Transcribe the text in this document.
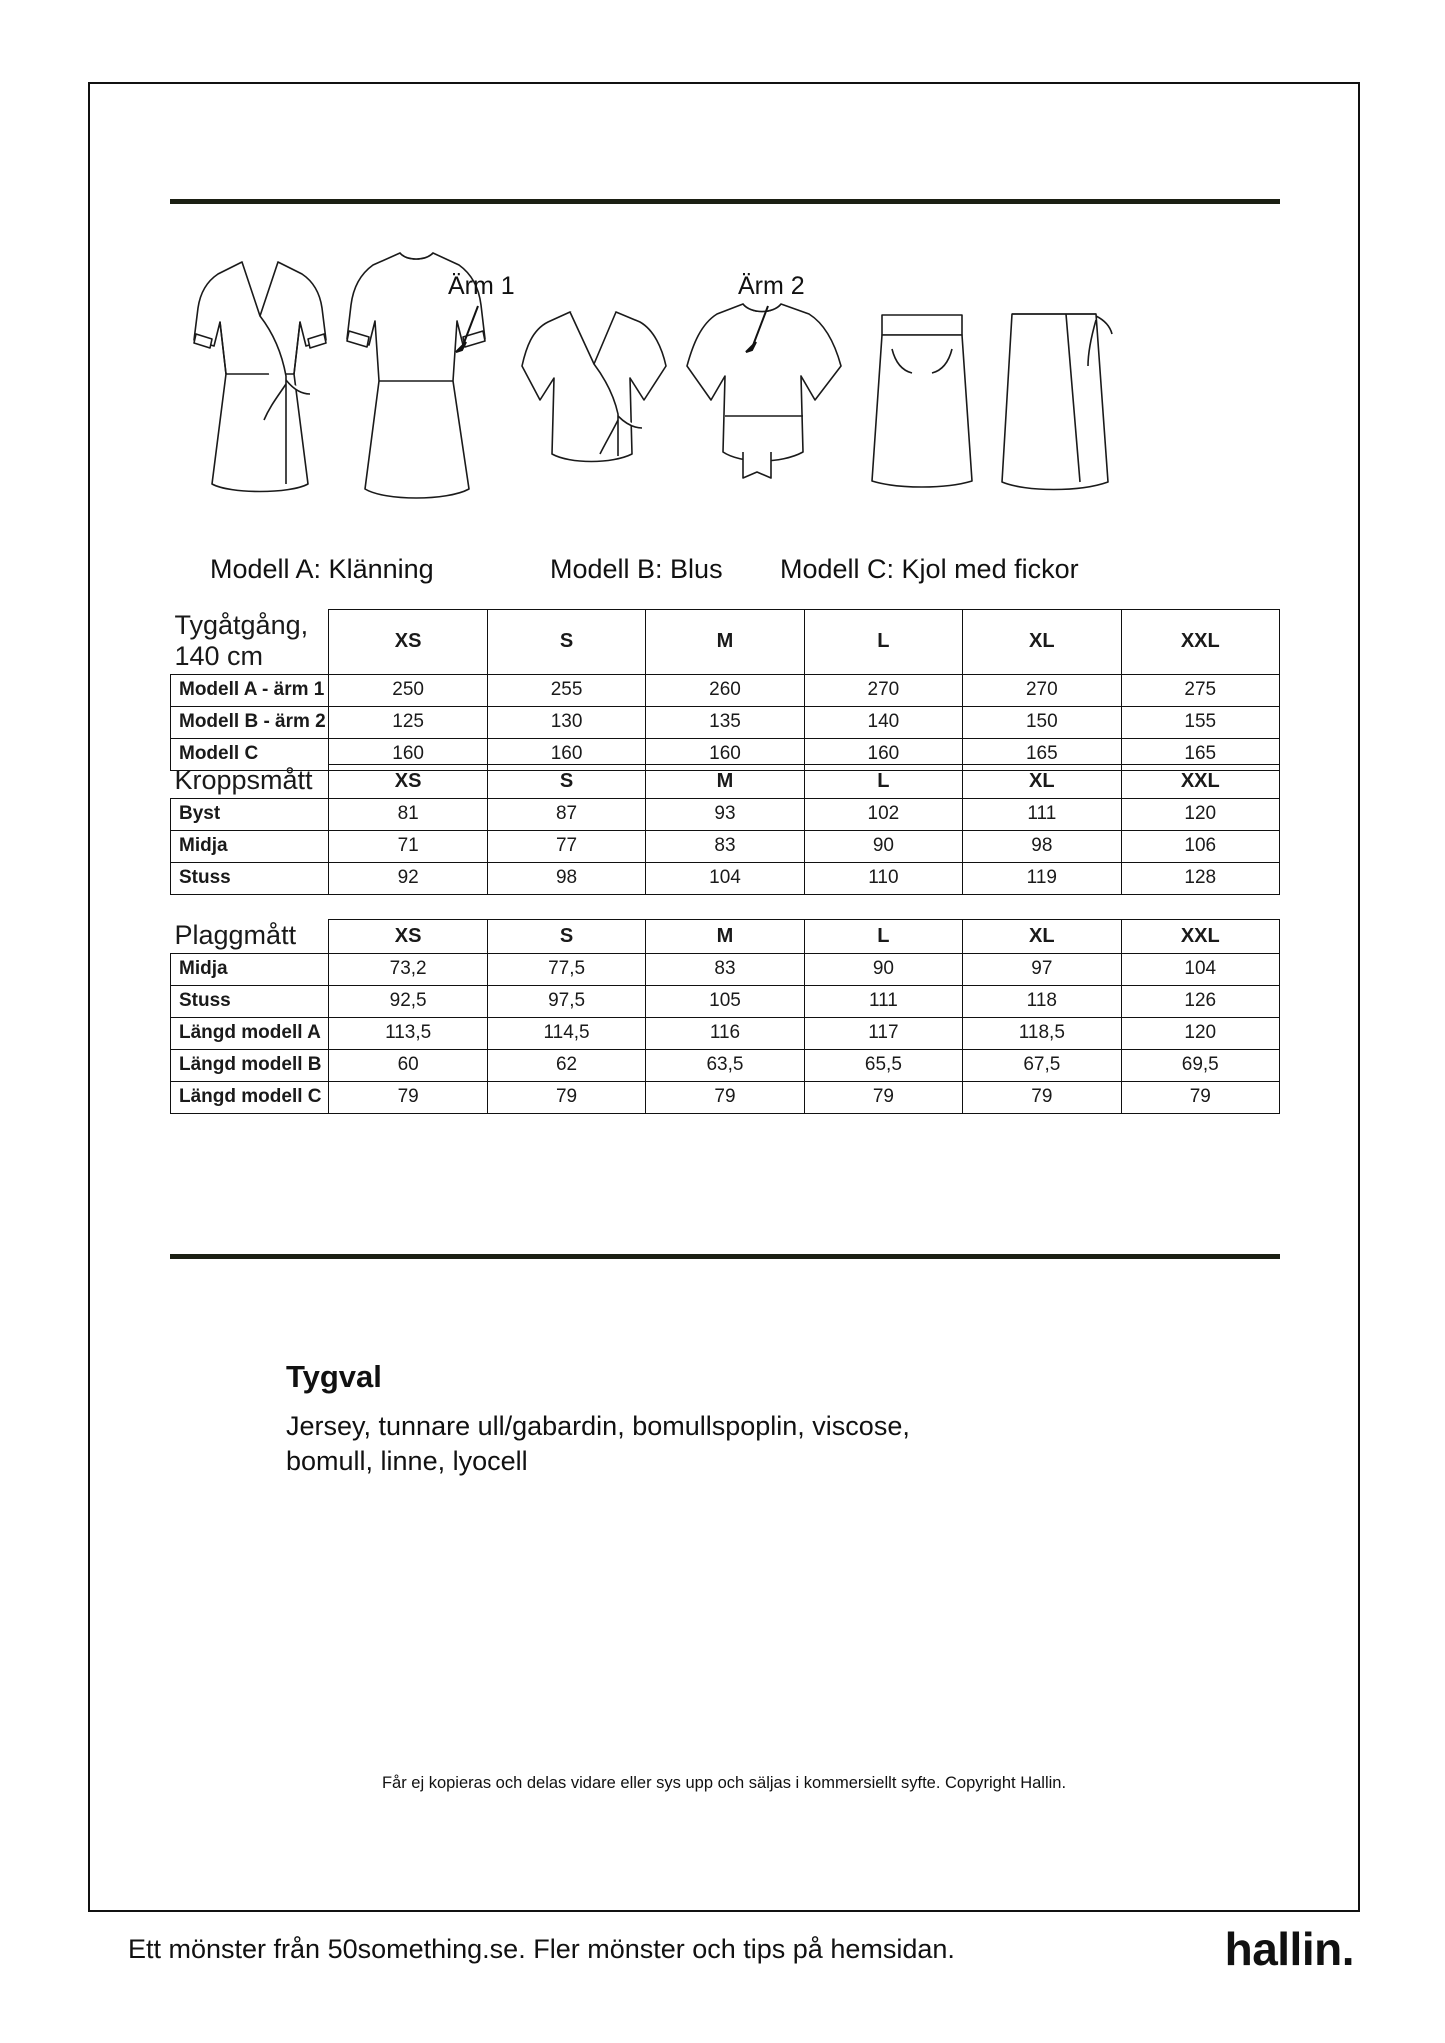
Ärm 1	Ärm 2
Modell A: Klänning	Modell B: Blus Modell C: Kjol med fickor
Tygåtgång, 140 cm	XS	S	M	L	XL	XXL
Modell A - ärm 1	250	255	260	270	270	275
Modell B - ärm 2	125	130	135	140	150	155
Modell C	160	160	160	160	165	165
Kroppsmått	XS	S	M	L	XL	XXL
Byst	81	87	93	102	111	120
Midja	71	77	83	90	98	106
Stuss	92	98	104	110	119	128
Plaggmått	XS	S	M	L	XL	XXL
Midja	73,2	77,5	83	90	97	104
Stuss	92,5	97,5	105	111	118	126
Längd modell A	113,5	114,5	116	117	118,5	120
Längd modell B	60	62	63,5	65,5	67,5	69,5
Längd modell C	79	79	79	79	79	79
Tygval

Jersey, tunnare ull/gabardin, bomullspoplin, viscose, bomull, linne, lyocell

Får ej kopieras och delas vidare eller sys upp och säljas i kommersiellt syfte. Copyright Hallin.
Ett mönster från 50something.se. Fler mönster och tips på hemsidan.	hallin.
